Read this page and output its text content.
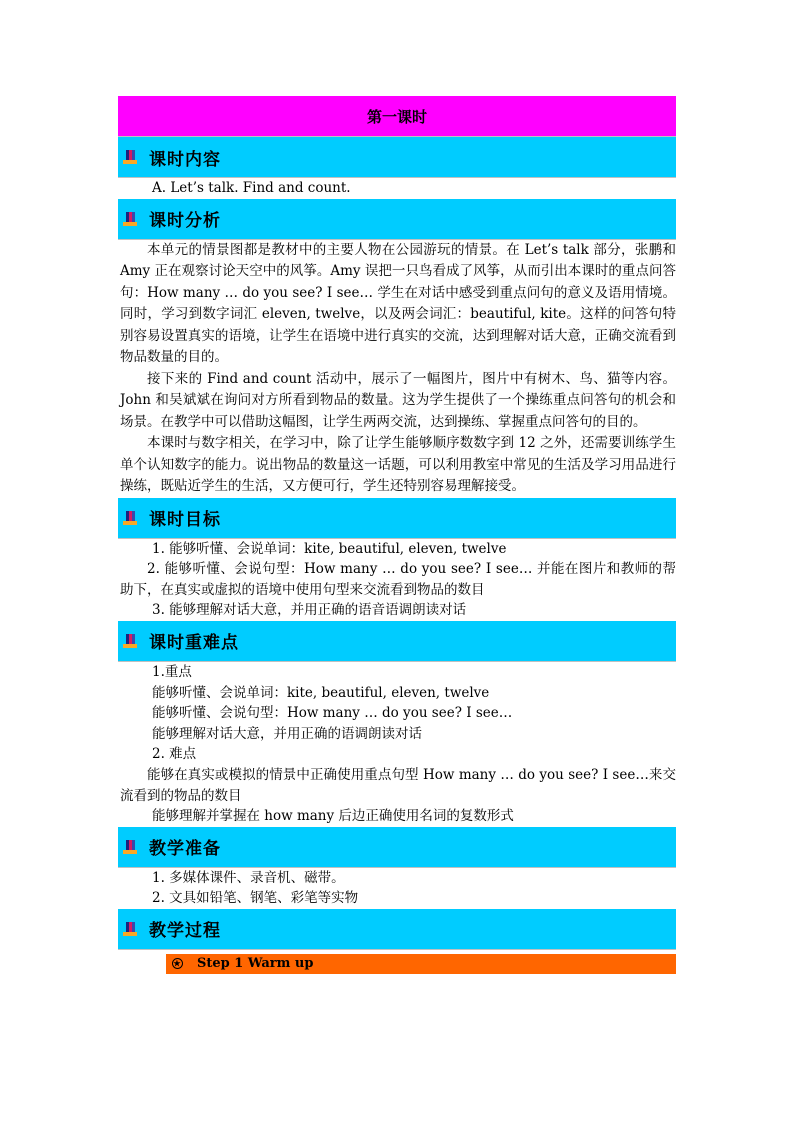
第一课时
课时内容

A. Let’s talk. Find and count.

课时分析

本单元的情景图都是教材中的主要人物在公园游玩的情景。在 Let’s talk 部分，张鹏和 Amy 正在观察讨论天空中的风筝。Amy 误把一只鸟看成了风筝，从而引出本课时的重点问答句：How many … do you see? I see… 学生在对话中感受到重点问句的意义及语用情境。同时，学习到数字词汇 eleven, twelve，以及两会词汇：beautiful, kite。这样的问答句特别容易设置真实的语境，让学生在语境中进行真实的交流，达到理解对话大意，正确交流看到物品数量的目的。

接下来的 Find and count 活动中，展示了一幅图片，图片中有树木、鸟、猫等内容。John 和吴斌斌在询问对方所看到物品的数量。这为学生提供了一个操练重点问答句的机会和场景。在教学中可以借助这幅图，让学生两两交流，达到操练、掌握重点问答句的目的。

本课时与数字相关，在学习中，除了让学生能够顺序数数字到 12 之外，还需要训练学生单个认知数字的能力。说出物品的数量这一话题，可以利用教室中常见的生活及学习用品进行操练，既贴近学生的生活，又方便可行，学生还特别容易理解接受。

课时目标

1. 能够听懂、会说单词：kite, beautiful, eleven, twelve

2. 能够听懂、会说句型：How many … do you see? I see… 并能在图片和教师的帮助下，在真实或虚拟的语境中使用句型来交流看到物品的数目

3. 能够理解对话大意，并用正确的语音语调朗读对话

课时重难点

1.重点

能够听懂、会说单词：kite, beautiful, eleven, twelve

能够听懂、会说句型：How many … do you see? I see…

能够理解对话大意，并用正确的语调朗读对话

2. 难点

能够在真实或模拟的情景中正确使用重点句型 How many … do you see? I see…来交流看到的物品的数目

能够理解并掌握在 how many 后边正确使用名词的复数形式

教学准备

1. 多媒体课件、录音机、磁带。

2. 文具如铅笔、钢笔、彩笔等实物

教学过程
★
Step 1 Warm up
